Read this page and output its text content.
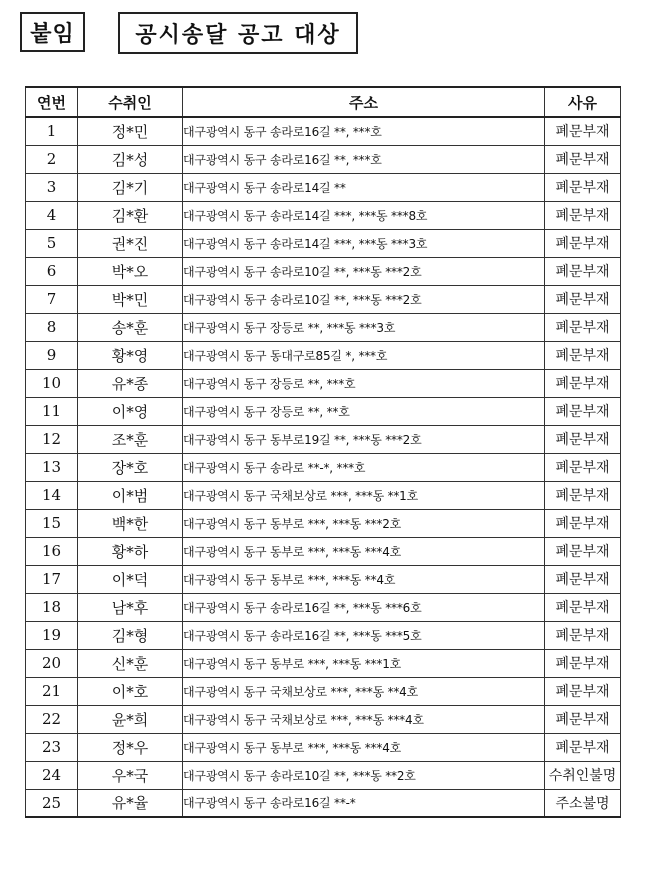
붙임	공시송달 공고 대상
연번	수취인	주소	사유
1	정*민	대구광역시 동구 송라로16길 **, ***호	폐문부재
2	김*성	대구광역시 동구 송라로16길 **, ***호	폐문부재
3	김*기	대구광역시 동구 송라로14길 **	폐문부재
4	김*환	대구광역시 동구 송라로14길 ***, ***동 ***8호	폐문부재
5	권*진	대구광역시 동구 송라로14길 ***, ***동 ***3호	폐문부재
6	박*오	대구광역시 동구 송라로10길 **, ***동 ***2호	폐문부재
7	박*민	대구광역시 동구 송라로10길 **, ***동 ***2호	폐문부재
8	송*훈	대구광역시 동구 장등로 **, ***동 ***3호	폐문부재
9	황*영	대구광역시 동구 동대구로85길 *, ***호	폐문부재
10	유*종	대구광역시 동구 장등로 **, ***호	폐문부재
11	이*영	대구광역시 동구 장등로 **, **호	폐문부재
12	조*훈	대구광역시 동구 동부로19길 **, ***동 ***2호	폐문부재
13	장*호	대구광역시 동구 송라로 **-*, ***호	폐문부재
14	이*범	대구광역시 동구 국채보상로 ***, ***동 **1호	폐문부재
15	백*한	대구광역시 동구 동부로 ***, ***동 ***2호	폐문부재
16	황*하	대구광역시 동구 동부로 ***, ***동 ***4호	폐문부재
17	이*덕	대구광역시 동구 동부로 ***, ***동 **4호	폐문부재
18	남*후	대구광역시 동구 송라로16길 **, ***동 ***6호	폐문부재
19	김*형	대구광역시 동구 송라로16길 **, ***동 ***5호	폐문부재
20	신*훈	대구광역시 동구 동부로 ***, ***동 ***1호	폐문부재
21	이*호	대구광역시 동구 국채보상로 ***, ***동 **4호	폐문부재
22	윤*희	대구광역시 동구 국채보상로 ***, ***동 ***4호	폐문부재
23	정*우	대구광역시 동구 동부로 ***, ***동 ***4호	폐문부재
24	우*국	대구광역시 동구 송라로10길 **, ***동 **2호	수취인불명
25	유*율	대구광역시 동구 송라로16길 **-*	주소불명
